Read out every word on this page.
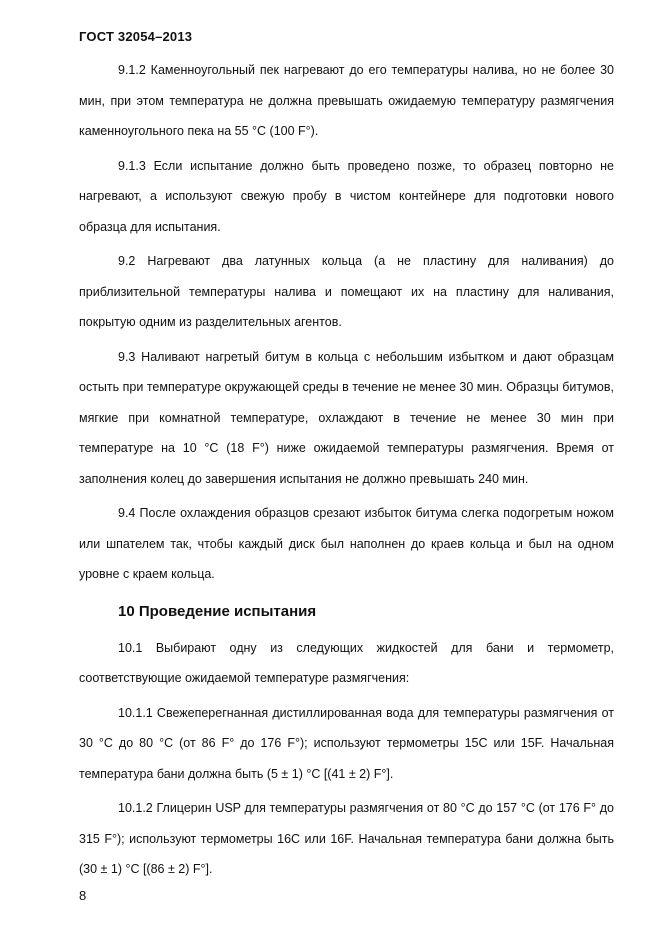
ГОСТ 32054–2013

9.1.2 Каменноугольный пек нагревают до его температуры налива, но не более 30 мин, при этом температура не должна превышать ожидаемую температуру размягчения каменноугольного пека на 55 °C (100 F°).

9.1.3 Если испытание должно быть проведено позже, то образец повторно не нагревают, а используют свежую пробу в чистом контейнере для подготовки нового образца для испытания.

9.2 Нагревают два латунных кольца (а не пластину для наливания) до приблизительной температуры налива и помещают их на пластину для наливания, покрытую одним из разделительных агентов.

9.3 Наливают нагретый битум в кольца с небольшим избытком и дают образцам остыть при температуре окружающей среды в течение не менее 30 мин. Образцы битумов, мягкие при комнатной температуре, охлаждают в течение не менее 30 мин при температуре на 10 °C (18 F°) ниже ожидаемой температуры размягчения. Время от заполнения колец до завершения испытания не должно превышать 240 мин.

9.4 После охлаждения образцов срезают избыток битума слегка подогретым ножом или шпателем так, чтобы каждый диск был наполнен до краев кольца и был на одном уровне с краем кольца.

10 Проведение испытания

10.1 Выбирают одну из следующих жидкостей для бани и термометр, соответствующие ожидаемой температуре размягчения:

10.1.1 Свежеперегнанная дистиллированная вода для температуры размягчения от 30 °C до 80 °C (от 86 F° до 176 F°); используют термометры 15C или 15F. Начальная температура бани должна быть (5 ± 1) °C [(41 ± 2) F°].

10.1.2 Глицерин USP для температуры размягчения от 80 °C до 157 °C (от 176 F° до 315 F°); используют термометры 16C или 16F. Начальная температура бани должна быть (30 ± 1) °C [(86 ± 2) F°].

8
